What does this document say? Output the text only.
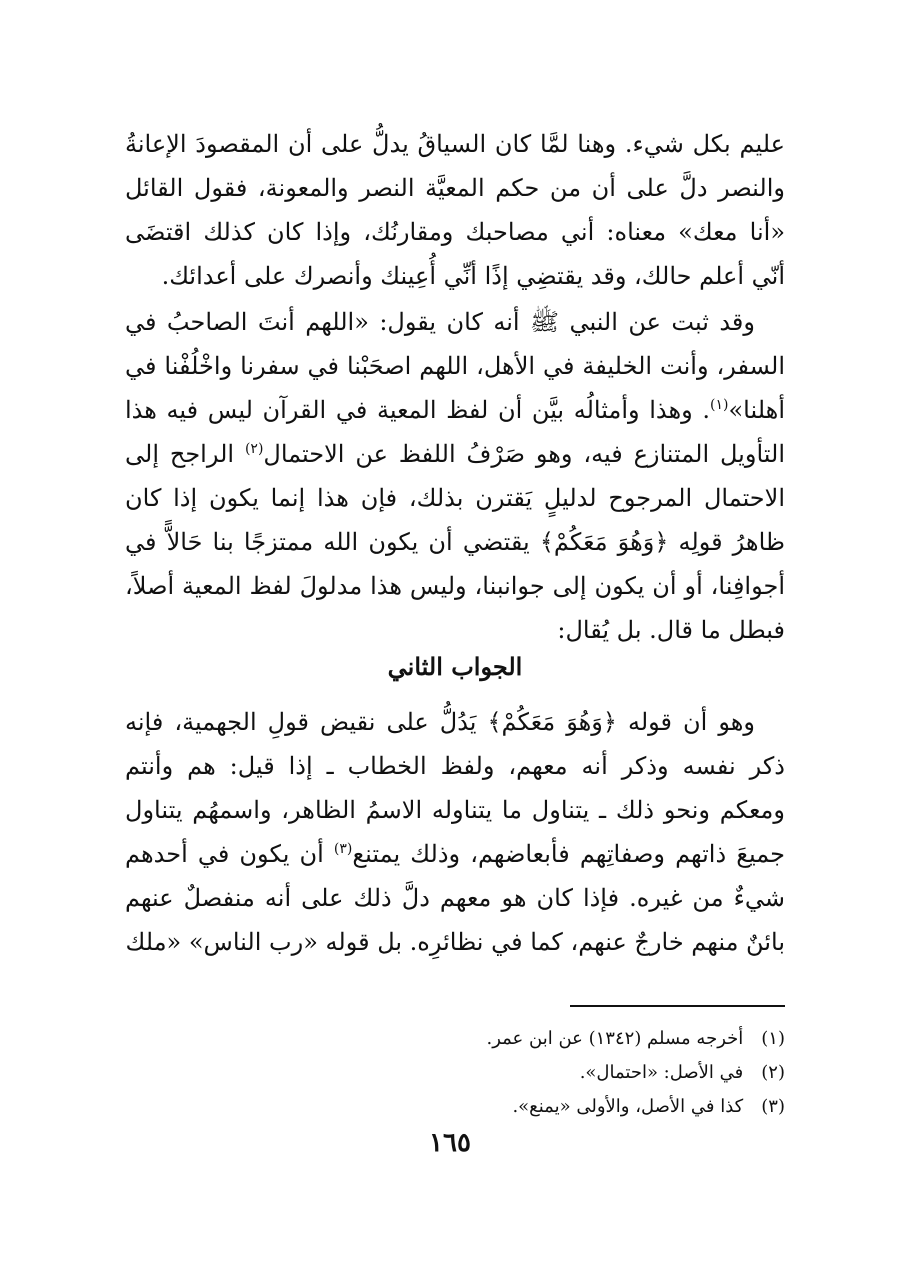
عليم بكل شيء. وهنا لمَّا كان السياقُ يدلُّ على أن المقصودَ الإعانةُ والنصر دلَّ على أن من حكم المعيَّة النصر والمعونة، فقول القائل «أنا معك» معناه: أني مصاحبك ومقارنُك، وإذا كان كذلك اقتضَى أنّي أعلم حالك، وقد يقتضِي إذًا أنِّي أُعِينك وأنصرك على أعدائك.

وقد ثبت عن النبي ﷺ أنه كان يقول: «اللهم أنتَ الصاحبُ في السفر، وأنت الخليفة في الأهل، اللهم اصحَبْنا في سفرنا واخْلُفْنا في أهلنا»$^{(١)}$. وهذا وأمثالُه بيَّن أن لفظ المعية في القرآن ليس فيه هذا التأويل المتنازع فيه، وهو صَرْفُ اللفظ عن الاحتمال$^{(٢)}$ الراجح إلى الاحتمال المرجوح لدليلٍ يَقترن بذلك، فإن هذا إنما يكون إذا كان ظاهرُ قولِه ﴿وَهُوَ مَعَكُمْ﴾ يقتضي أن يكون الله ممتزجًا بنا حَالاًّ في أجوافِنا، أو أن يكون إلى جوانبنا، وليس هذا مدلولَ لفظ المعية أصلاً، فبطل ما قال. بل يُقال:

الجواب الثاني

وهو أن قوله ﴿وَهُوَ مَعَكُمْ﴾ يَدُلُّ على نقيض قولِ الجهمية، فإنه ذكر نفسه وذكر أنه معهم، ولفظ الخطاب ـ إذا قيل: هم وأنتم ومعكم ونحو ذلك ـ يتناول ما يتناوله الاسمُ الظاهر، واسمهُم يتناول جميعَ ذاتهم وصفاتِهم فأبعاضهم، وذلك يمتنع$^{(٣)}$ أن يكون في أحدهم شيءٌ من غيره. فإذا كان هو معهم دلَّ ذلك على أنه منفصلٌ عنهم بائنٌ منهم خارجٌ عنهم، كما في نظائرِه. بل قوله «رب الناس» «ملك

(١) أخرجه مسلم (١٣٤٢) عن ابن عمر.
(٢) في الأصل: «احتمال».
(٣) كذا في الأصل، والأولى «يمنع».
١٦٥
